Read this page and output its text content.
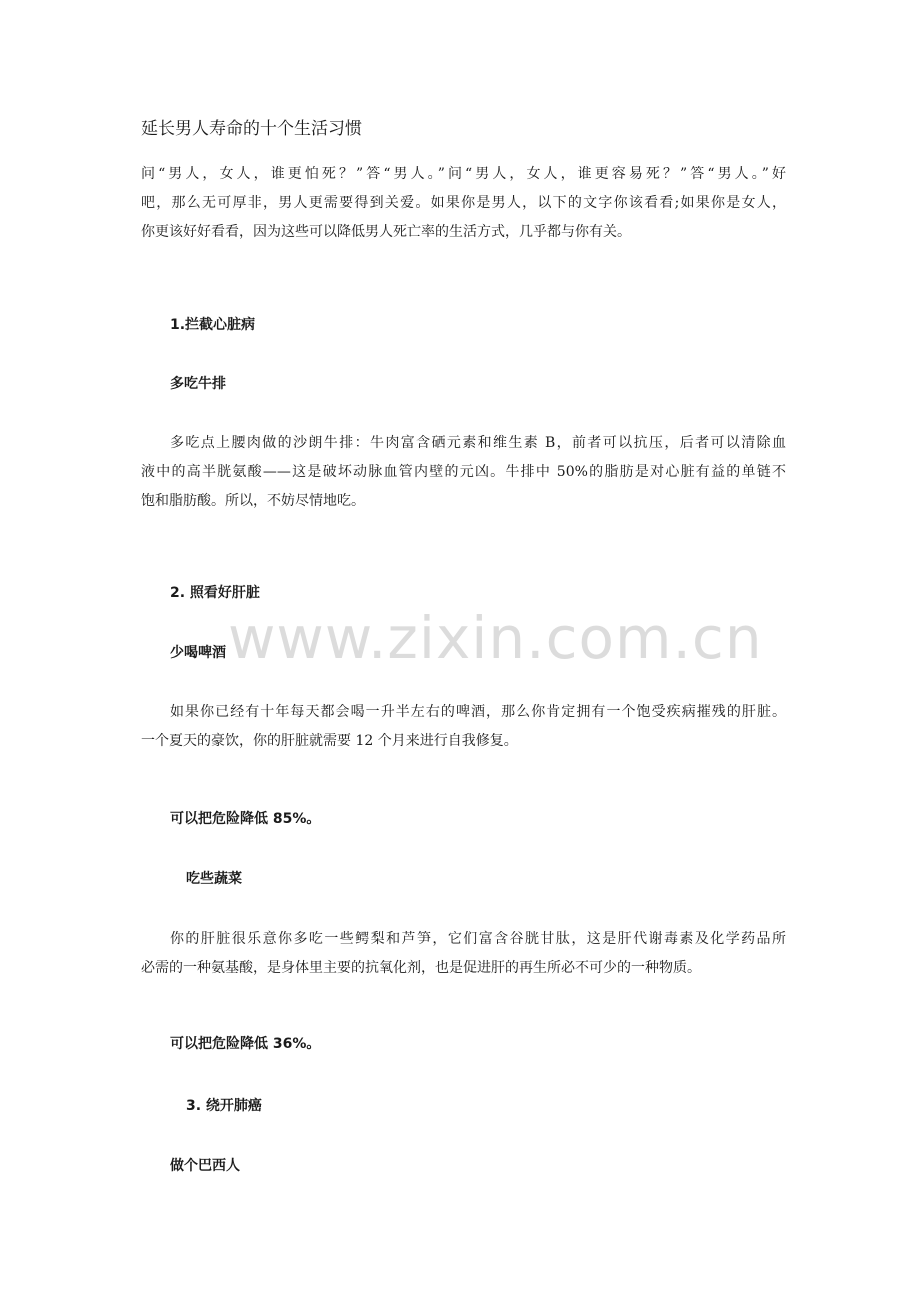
www.zixin.com.cn
延长男人寿命的十个生活习惯
问“男人，女人，谁更怕死？”答“男人。”问“男人，女人，谁更容易死？”答“男人。”好
吧，那么无可厚非，男人更需要得到关爱。如果你是男人，以下的文字你该看看;如果你是女人，
你更该好好看看，因为这些可以降低男人死亡率的生活方式，几乎都与你有关。
1.拦截心脏病
多吃牛排
多吃点上腰肉做的沙朗牛排：牛肉富含硒元素和维生素 B，前者可以抗压，后者可以清除血
液中的高半胱氨酸——这是破坏动脉血管内壁的元凶。牛排中 50%的脂肪是对心脏有益的单链不
饱和脂肪酸。所以，不妨尽情地吃。
2. 照看好肝脏
少喝啤酒
如果你已经有十年每天都会喝一升半左右的啤酒，那么你肯定拥有一个饱受疾病摧残的肝脏。
一个夏天的豪饮，你的肝脏就需要 12 个月来进行自我修复。
可以把危险降低 85%。
吃些蔬菜
你的肝脏很乐意你多吃一些鳄梨和芦笋，它们富含谷胱甘肽，这是肝代谢毒素及化学药品所
必需的一种氨基酸，是身体里主要的抗氧化剂，也是促进肝的再生所必不可少的一种物质。
可以把危险降低 36%。
3. 绕开肺癌
做个巴西人
